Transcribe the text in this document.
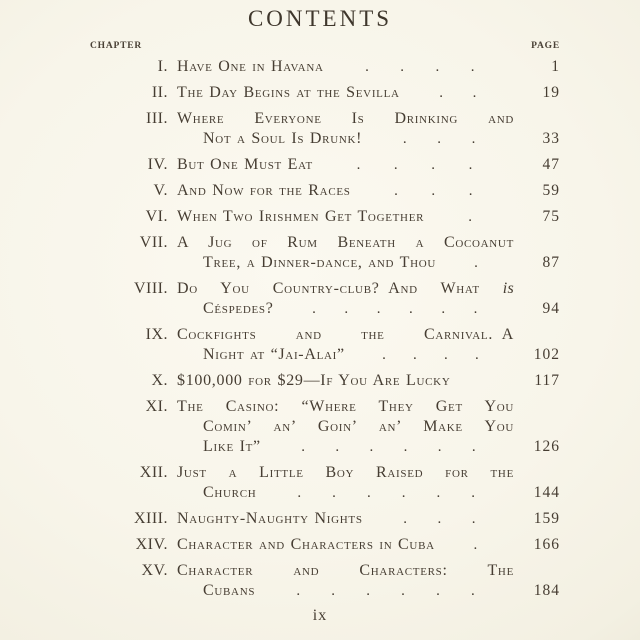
CONTENTS
CHAPTER	PAGE
I. Have One in Havana	. . . .	1
II. The Day Begins at the Sevilla	. .	19
III. Where Everyone Is Drinking and
Not a Soul Is Drunk!	. . .	33
IV. But One Must Eat	. . . .	47
V. And Now for the Races	. . .	59
VI. When Two Irishmen Get Together	.	75
VII. A Jug of Rum Beneath a Cocoanut
Tree, a Dinner-dance, and Thou	.	87
VIII. Do You Country-club? And What is
Céspedes?	. . . . . .	94
IX. Cockfights and the Carnival. A
Night at “Jai-Alai” . . . .	102
X. $100,000 for $29—If You Are Lucky	117
XI. The Casino: “Where They Get You
Comin’ an’ Goin’ an’ Make You
Like It”	. . . . . .	126
XII. Just a Little Boy Raised for the
Church	. . . . . .	144
XIII. Naughty-Naughty Nights	. . .	159
XIV. Character and Characters in Cuba	.	166
XV. Character and Characters: The
Cubans	. . . . . .	184
ix
